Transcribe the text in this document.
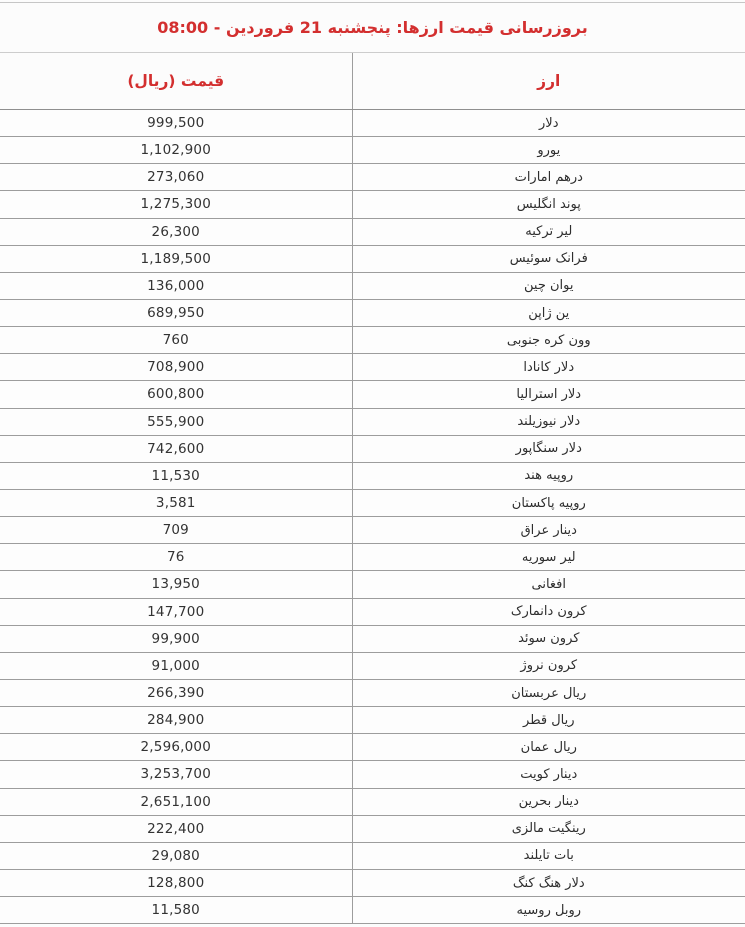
بروزرسانی قیمت ارزها: پنجشنبه 21 فروردین - 08:00	
ارز	قیمت (ریال)
دلار	999,500
یورو	1,102,900
درهم امارات	273,060
پوند انگلیس	1,275,300
لیر ترکیه	26,300
فرانک سوئیس	1,189,500
یوان چین	136,000
ین ژاپن	689,950
وون کره جنوبی	760
دلار کانادا	708,900
دلار استرالیا	600,800
دلار نیوزیلند	555,900
دلار سنگاپور	742,600
روپیه هند	11,530
روپیه پاکستان	3,581
دینار عراق	709
لیر سوریه	76
افغانی	13,950
کرون دانمارک	147,700
کرون سوئد	99,900
کرون نروژ	91,000
ریال عربستان	266,390
ریال قطر	284,900
ریال عمان	2,596,000
دینار کویت	3,253,700
دینار بحرین	2,651,100
رینگیت مالزی	222,400
بات تایلند	29,080
دلار هنگ کنگ	128,800
روبل روسیه	11,580
